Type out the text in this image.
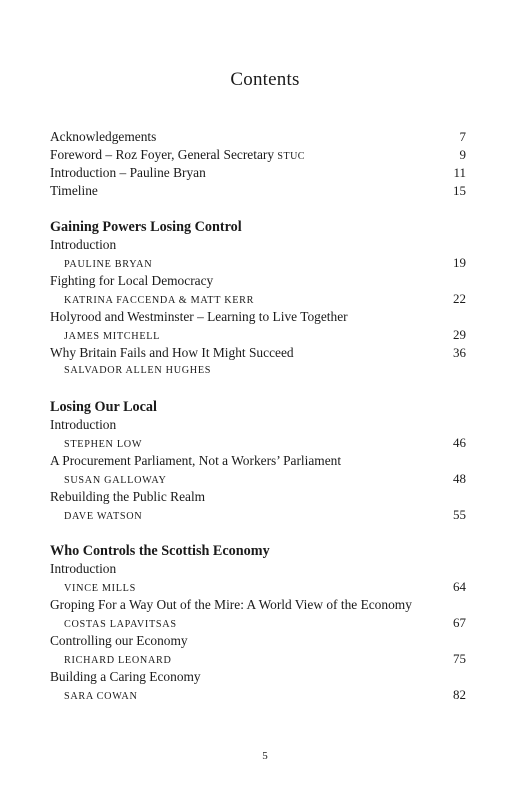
Contents
Acknowledgements	7
Foreword – Roz Foyer, General Secretary STUC	9
Introduction – Pauline Bryan	11
Timeline	15
Gaining Powers Losing Control
Introduction
PAULINE BRYAN	19
Fighting for Local Democracy
KATRINA FACCENDA & MATT KERR	22
Holyrood and Westminster – Learning to Live Together
JAMES MITCHELL	29
Why Britain Fails and How It Might Succeed	36
SALVADOR ALLEN HUGHES
Losing Our Local
Introduction
STEPHEN LOW	46
A Procurement Parliament, Not a Workers’ Parliament
SUSAN GALLOWAY	48
Rebuilding the Public Realm
DAVE WATSON	55
Who Controls the Scottish Economy
Introduction
VINCE MILLS	64
Groping For a Way Out of the Mire: A World View of the Economy
COSTAS LAPAVITSAS	67
Controlling our Economy
RICHARD LEONARD	75
Building a Caring Economy
SARA COWAN	82
5
